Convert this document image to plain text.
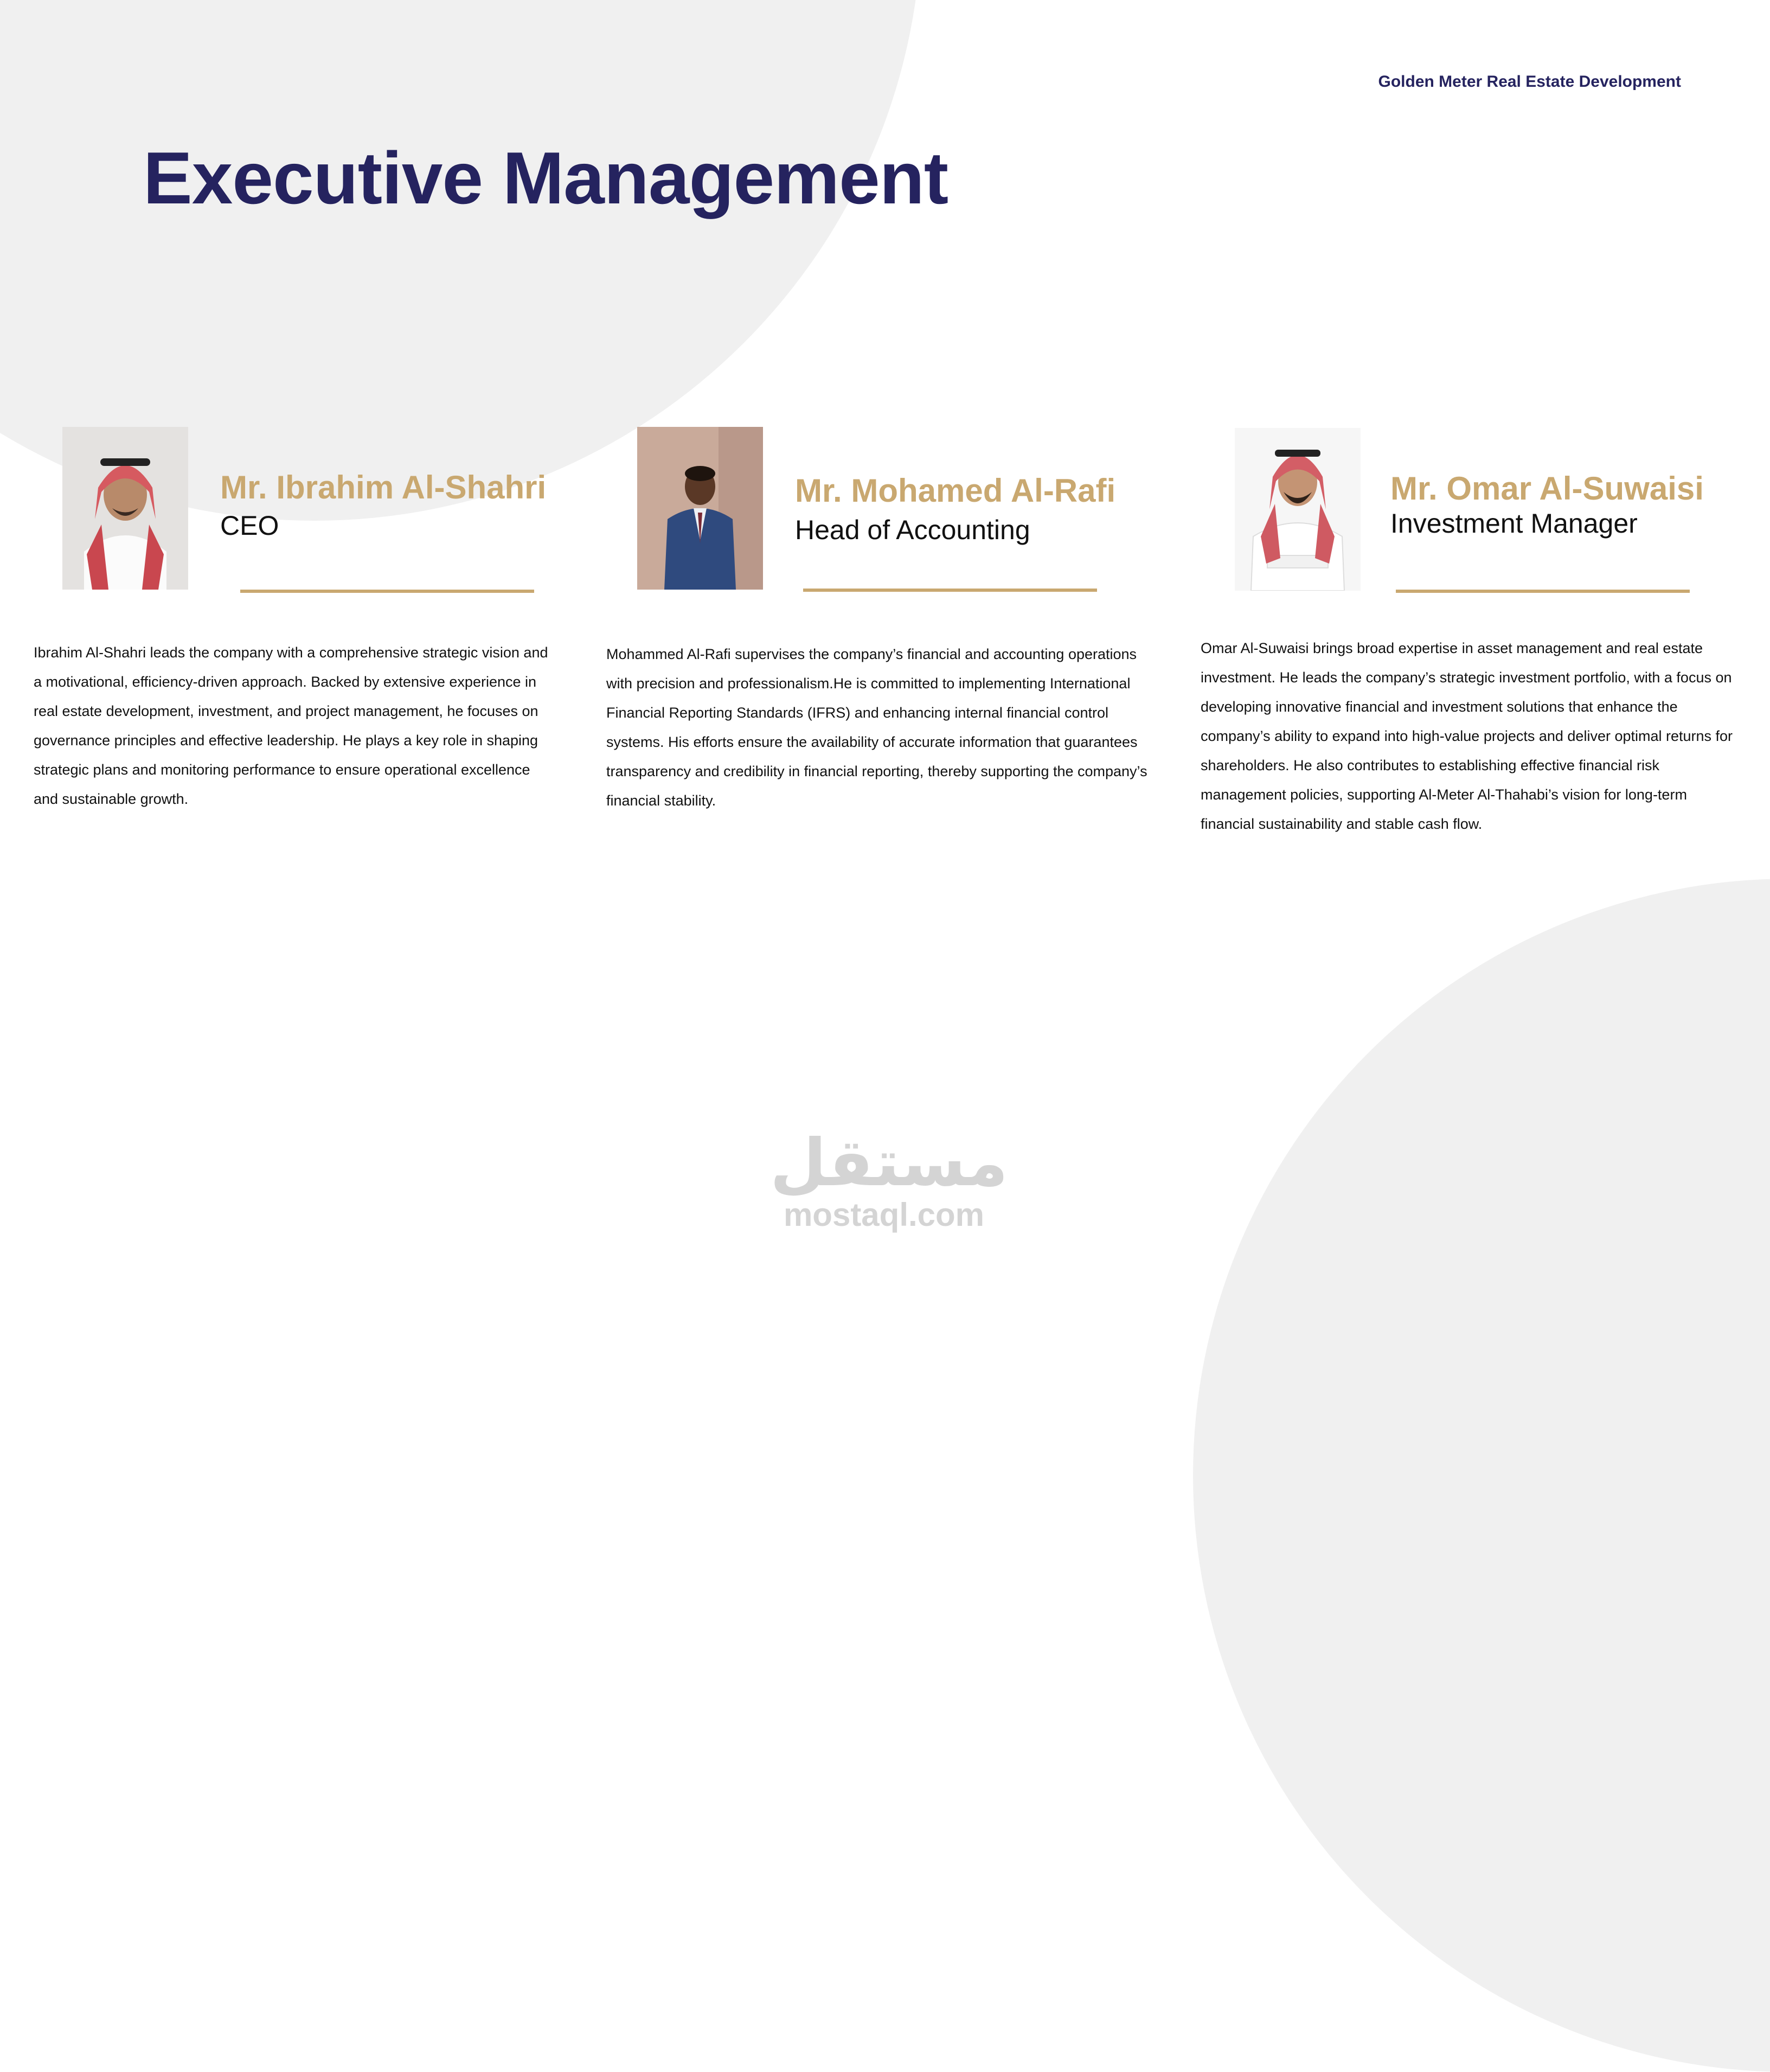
Golden Meter Real Estate Development
Executive Management
Mr. Ibrahim Al-Shahri
CEO

Ibrahim Al-Shahri leads the company with a comprehensive strategic vision and a motivational, efficiency-driven approach. Backed by extensive experience in real estate development, investment, and project management, he focuses on governance principles and effective leadership. He plays a key role in shaping strategic plans and monitoring performance to ensure operational excellence and sustainable growth.

Mr. Mohamed Al-Rafi
Head of Accounting

Mohammed Al-Rafi supervises the company’s financial and accounting operations with precision and professionalism.He is committed to implementing International Financial Reporting Standards (IFRS) and enhancing internal financial control systems. His efforts ensure the availability of accurate information that guarantees transparency and credibility in financial reporting, thereby supporting the company’s financial stability.

Mr. Omar Al-Suwaisi
Investment Manager

Omar Al-Suwaisi brings broad expertise in asset management and real estate investment. He leads the company’s strategic investment portfolio, with a focus on developing innovative financial and investment solutions that enhance the company’s ability to expand into high-value projects and deliver optimal returns for shareholders. He also contributes to establishing effective financial risk management policies, supporting Al-Meter Al-Thahabi’s vision for long-term financial sustainability and stable cash flow.

مستقل
mostaql.com
